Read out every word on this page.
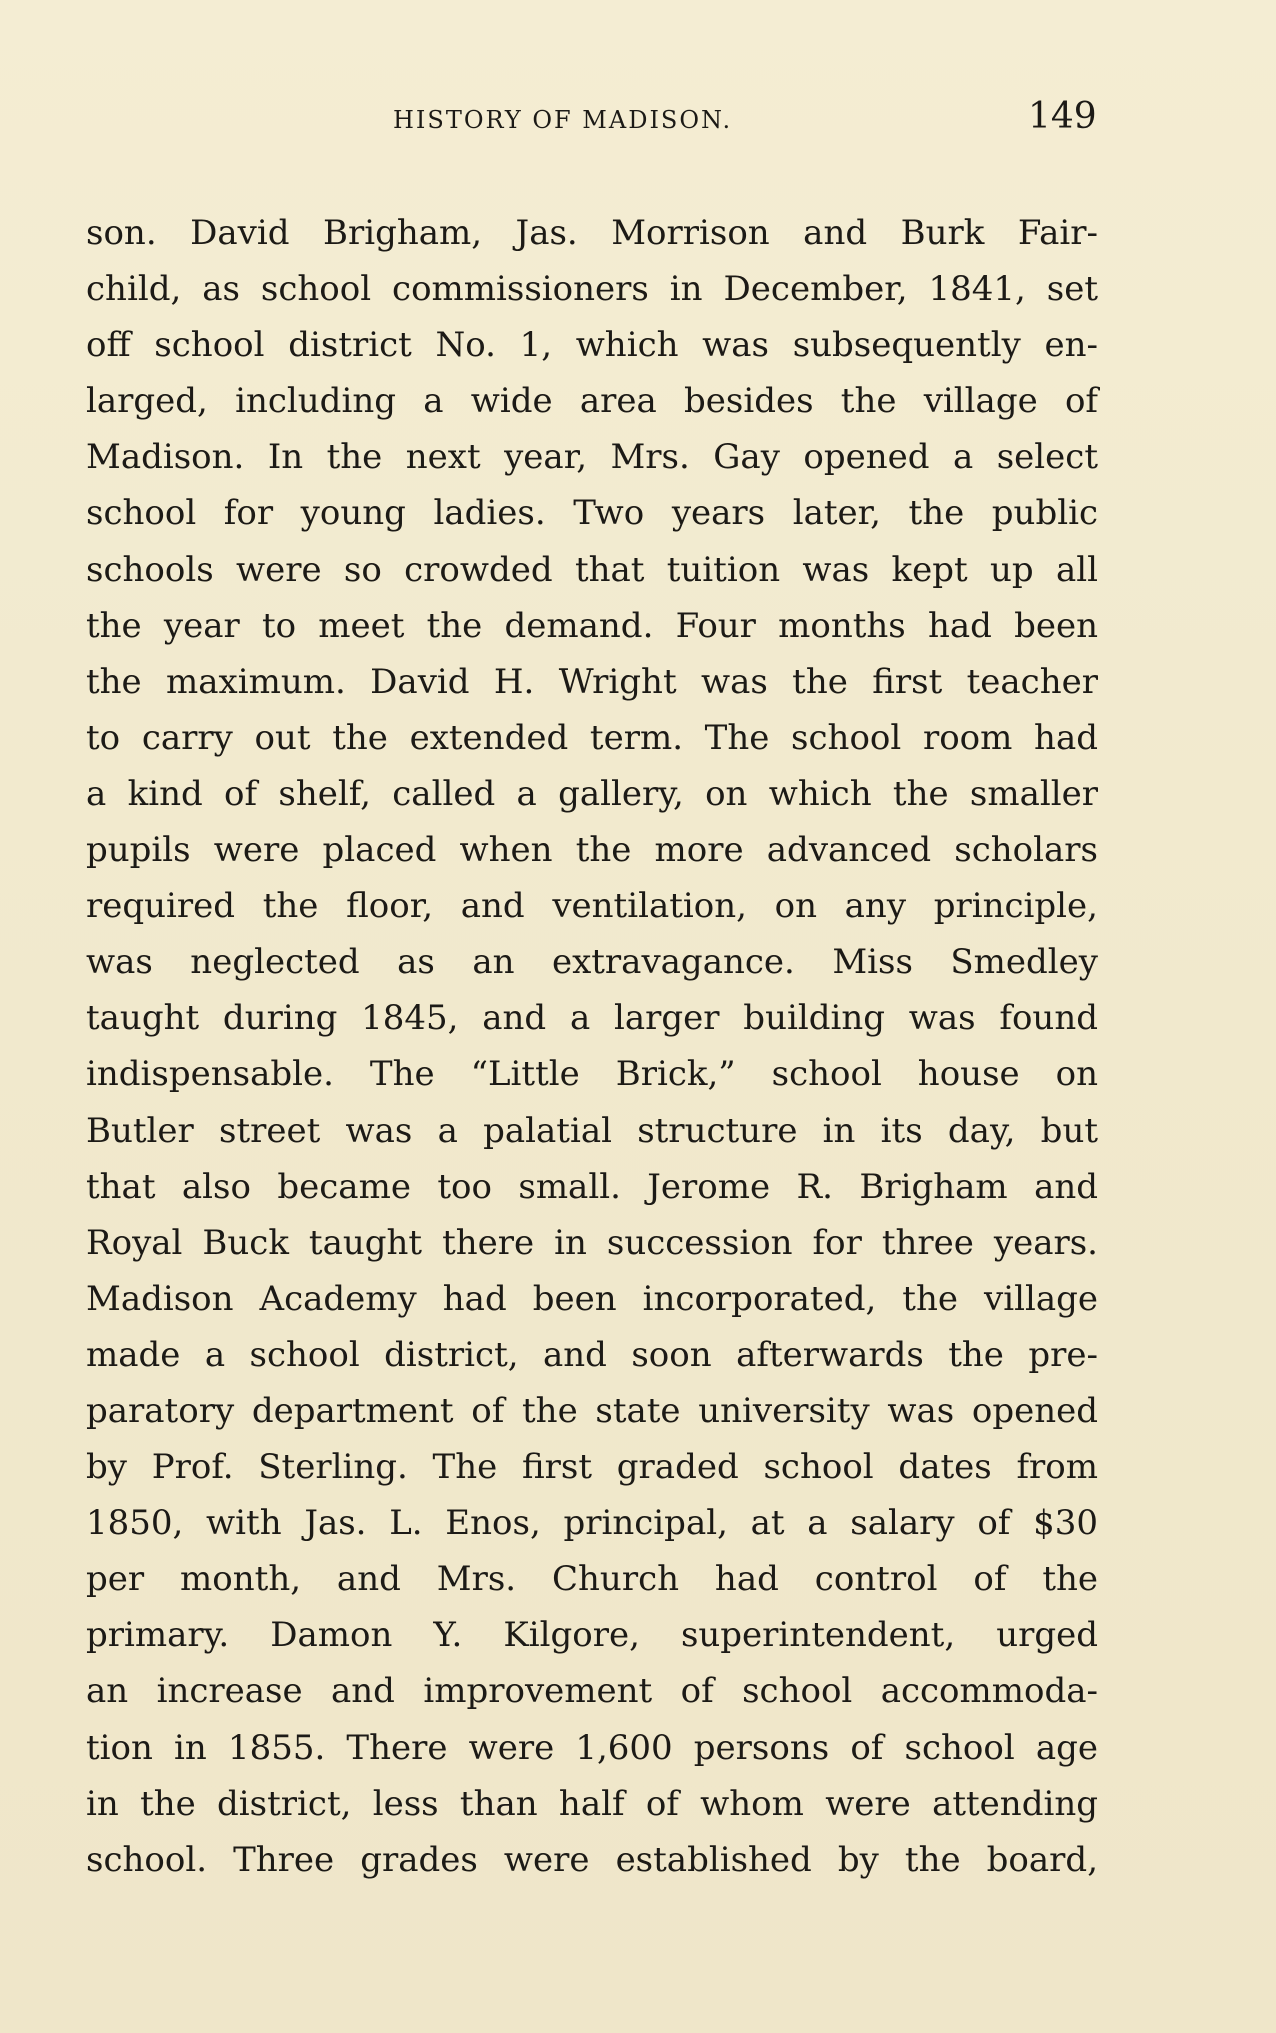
HISTORY OF MADISON.	149
son. David Brigham, Jas. Morrison and Burk Fair-
child, as school commissioners in December, 1841, set
off school district No. 1, which was subsequently en-
larged, including a wide area besides the village of
Madison. In the next year, Mrs. Gay opened a select
school for young ladies. Two years later, the public
schools were so crowded that tuition was kept up all
the year to meet the demand. Four months had been
the maximum. David H. Wright was the first teacher
to carry out the extended term. The school room had
a kind of shelf, called a gallery, on which the smaller
pupils were placed when the more advanced scholars
required the floor, and ventilation, on any principle,
was neglected as an extravagance. Miss Smedley
taught during 1845, and a larger building was found
indispensable. The “Little Brick,” school house on
Butler street was a palatial structure in its day, but
that also became too small. Jerome R. Brigham and
Royal Buck taught there in succession for three years.
Madison Academy had been incorporated, the village
made a school district, and soon afterwards the pre-
paratory department of the state university was opened
by Prof. Sterling. The first graded school dates from
1850, with Jas. L. Enos, principal, at a salary of $30
per month, and Mrs. Church had control of the
primary. Damon Y. Kilgore, superintendent, urged
an increase and improvement of school accommoda-
tion in 1855. There were 1,600 persons of school age
in the district, less than half of whom were attending
school. Three grades were established by the board,
